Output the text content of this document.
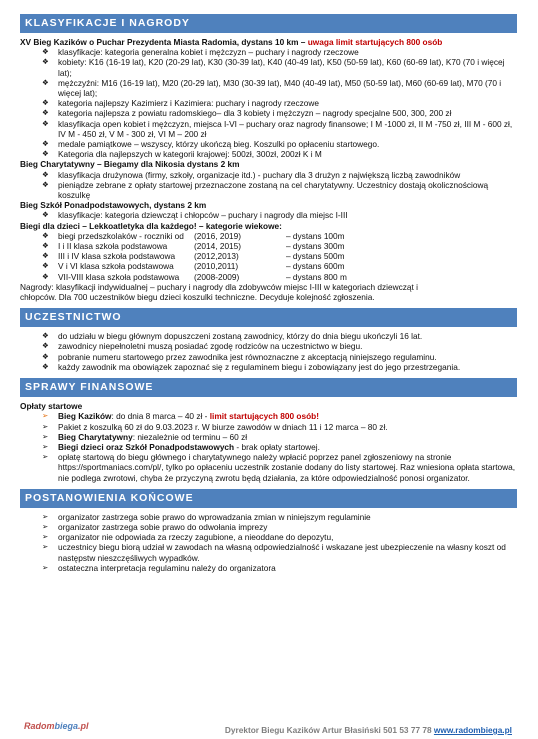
KLASYFIKACJE I NAGRODY
XV Bieg Kazików o Puchar Prezydenta Miasta Radomia, dystans 10 km – uwaga limit startujących 800 osób
❖ klasyfikacje: kategoria generalna kobiet i mężczyzn – puchary i nagrody rzeczowe
❖ kobiety: K16 (16-19 lat), K20 (20-29 lat), K30 (30-39 lat), K40 (40-49 lat), K50 (50-59 lat), K60 (60-69 lat), K70 (70 i więcej lat);
❖ mężczyźni: M16 (16-19 lat), M20 (20-29 lat), M30 (30-39 lat), M40 (40-49 lat), M50 (50-59 lat), M60 (60-69 lat), M70 (70 i więcej lat);
❖ kategoria najlepszy Kazimierz i Kazimiera: puchary i nagrody rzeczowe
❖ kategoria najlepsza z powiatu radomskiego– dla 3 kobiety i mężczyzn – nagrody specjalne 500, 300, 200 zł
❖ klasyfikacja open kobiet i mężczyzn, miejsca I-VI – puchary oraz nagrody finansowe; I M -1000 zł, II M -750 zł, III M - 600 zł, IV M - 450 zł, V M - 300 zł, VI M – 200 zł
❖ medale pamiątkowe – wszyscy, którzy ukończą bieg. Koszulki po opłaceniu startowego.
❖ Kategoria dla najlepszych w kategorii krajowej: 500zł, 300zł, 200zł K i M
Bieg Charytatywny – Biegamy dla Nikosia dystans 2 km
❖ klasyfikacja drużynowa (firmy, szkoły, organizacje itd.) - puchary dla 3 drużyn z największą liczbą zawodników
❖ pieniądze zebrane z opłaty startowej przeznaczone zostaną na cel charytatywny. Uczestnicy dostają okolicznościową koszulkę
Bieg Szkół Ponadpodstawowych, dystans 2 km
❖ klasyfikacje: kategoria dziewcząt i chłopców – puchary i nagrody dla miejsc I-III
Biegi dla dzieci – Lekkoatletyka dla każdego! – kategorie wiekowe:
❖ biegi przedszkolaków - roczniki od	(2016, 2019)	– dystans 100m
❖ I i II klasa szkoła podstawowa	(2014, 2015)	– dystans 300m
❖ III i IV klasa szkoła podstawowa	(2012,2013)	– dystans 500m
❖ V i VI klasa szkoła podstawowa	(2010,2011)	– dystans 600m
❖ VII-VIII klasa szkoła podstawowa	(2008-2009)	– dystans 800 m
Nagrody: klasyfikacji indywidualnej – puchary i nagrody dla zdobywców miejsc I-III w kategoriach dziewcząt i
chłopców. Dla 700 uczestników biegu dzieci koszulki techniczne. Decyduje kolejność zgłoszenia.
UCZESTNICTWO
❖ do udziału w biegu głównym dopuszczeni zostaną zawodnicy, którzy do dnia biegu ukończyli 16 lat.
❖ zawodnicy niepełnoletni muszą posiadać zgodę rodziców na uczestnictwo w biegu.
❖ pobranie numeru startowego przez zawodnika jest równoznaczne z akceptacją niniejszego regulaminu.
❖ każdy zawodnik ma obowiązek zapoznać się z regulaminem biegu i zobowiązany jest do jego przestrzegania.
SPRAWY FINANSOWE
Opłaty startowe
➢ Bieg Kazików: do dnia 8 marca – 40 zł - limit startujących 800 osób!
➢ Pakiet z koszulką 60 zł do 9.03.2023 r. W biurze zawodów w dniach 11 i 12 marca – 80 zł.
➢ Bieg Charytatywny: niezależnie od terminu – 60 zł
➢ Biegi dzieci oraz Szkół Ponadpodstawowych - brak opłaty startowej.
➢ opłatę startową do biegu głównego i charytatywnego należy wpłacić poprzez panel zgłoszeniowy na stronie https://sportmaniacs.com/pl/, tylko po opłaceniu uczestnik zostanie dodany do listy startowej. Raz wniesiona opłata startowa, nie podlega zwrotowi, chyba że przyczyną zwrotu będą działania, za które odpowiedzialność ponosi organizator.
POSTANOWIENIA KOŃCOWE
➢ organizator zastrzega sobie prawo do wprowadzania zmian w niniejszym regulaminie
➢ organizator zastrzega sobie prawo do odwołania imprezy
➢ organizator nie odpowiada za rzeczy zagubione, a nieoddane do depozytu,
➢ uczestnicy biegu biorą udział w zawodach na własną odpowiedzialność i wskazane jest ubezpieczenie na własny koszt od następstw nieszczęśliwych wypadków.
➢ ostateczna interpretacja regulaminu należy do organizatora
Radombiega.pl	Dyrektor Biegu Kazików Artur Błasiński 501 53 77 78 www.radombiega.pl
